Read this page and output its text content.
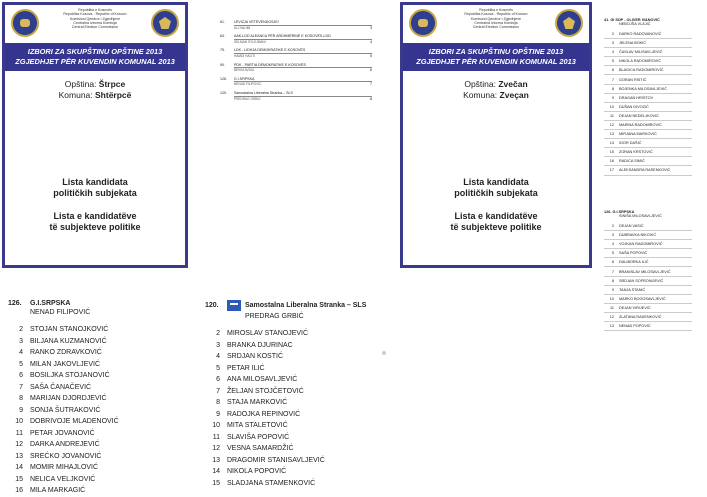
Republika e Kosovës
Republika Kosova - Republic of Kosovo
Komisioni Qendror i Zgjedhjeve
Centralna Izborna Komisija
Central Election Commission
IZBORI ZA SKUPŠTINU OPŠTINE 2013
ZGJEDHJET PËR KUVENDIN KOMUNAL 2013
Opština: Štrpce
Komuna: Shtërpcë
Lista kandidata
političkih subjekata
Lista e kandidatëve
të subjekteve politike
61.	LËVIZJA VETËVENDOSJE!
ALI HALIMI	3
64.	AAK-LDD ALEANCA PËR ARDHMËRINË E KOSOVËS-LDD
SELMAN SYLEJMANI	4
75.	LDK - LIDHJA DEMOKRATIKE E KOSOVËS
HAMDI HALITI	5
90.	PDK - PARTIA DEMOKRATIKE E KOSOVËS
BEKIM AVDIU	6
126.	G.I.SRPSKA
NENAD FILIPOVIĆ	7
120.	Samostalna Liberalna Stranka – SLS
PREDRAG GRBIĆ	8
Republika e Kosovës
Republika Kosova - Republic of Kosovo
Komisioni Qendror i Zgjedhjeve
Centralna Izborna Komisija
Central Election Commission
IZBORI ZA SKUPŠTINU OPŠTINE 2013
ZGJEDHJET PËR KUVENDIN KOMUNAL 2013
Opština: Zvečan
Komuna: Zveçan
Lista kandidata
političkih subjekata
Lista e kandidatëve
të subjekteve politike
41. GI SDP - OLIVER IVANOVIĆ
NEBOJŠA VLAJIĆ
2	DARKO RADOVANOVIĆ
3	JELENA BOKIĆ
4	ČASLAV MILISAVLJEVIĆ
5	NIKOLA RADOMIROVIĆ
6	BLAGICA RADOMIROVIĆ
7	GORAN RISTIĆ
8	BOJENKA MILOSAVLJEVIĆ
9	DRAGAN HRISTOV
10	DUŠAN DIVOZIĆ
11	DEJAN NEDELJKOVIĆ
12	MARINA RADOMIROVIĆ
13	MIRJANA MARKOVIĆ
14	IGOR DAŠIĆ
15	ZORAN KRSTOVIĆ
16	RADICA SIMIĆ
17	ALEKSANDRA RASENKOVIĆ
126. G.I.SRPSKA
SINIŠA MILOSAVLJEVIĆ
2	DEJAN VASIĆ
3	DUBRAVKA NIKOVIĆ
4	VOJKAN RADOMIROVIĆ
5	SAŠA POPOVIĆ
6	DALIBORKA ILIĆ
7	BRANISLAV MILOSAVLJEVIĆ
8	SRDJAN SOFRONIJEVIĆ
9	TANJA STANIĆ
10	MARKO BOGOSAVLJEVIĆ
11	DEJAN VIRIJEVIĆ
12	ZLATANA RADENKOVIĆ
13	NENAD POPOVIĆ
126.	G.I.SRPSKA
NENAD FILIPOVIĆ
2	STOJAN STANOJKOVIĆ
3	BILJANA KUZMANOVIĆ
4	RANKO ZDRAVKOVIĆ
5	MILAN JAKOVLJEVIĆ
6	BOSILJKA STOJANOVIĆ
7	SAŠA ČANAČEVIĆ
8	MARIJAN DJORDJEVIĆ
9	SONJA ŠUTRAKOVIĆ
10	DOBRIVOJE MLADENOVIĆ
11	PETAR JOVANOVIĆ
12	DARKA ANDREJEVIĆ
13	SREĆKO JOVANOVIĆ
14	MOMIR MIHAJLOVIĆ
15	NELICA VELJKOVIĆ
16	MILA MARKAGIĆ
120.	Samostalna Liberalna Stranka – SLS
PREDRAG GRBIĆ
2	MIROSLAV STANOJEVIĆ
3	BRANKA DJURINAC
4	SRDJAN KOSTIĆ
5	PETAR ILIĆ
6	ANA MILOSAVLJEVIĆ
7	ŽELJAN STOJČETOVIĆ
8	STAJA MARKOVIĆ
9	RADOJKA REPINOVIĆ
10	MITA STALETOVIĆ
11	SLAVIŠA POPOVIĆ
12	VESNA SAMARDŽIĆ
13	DRAGOMIR STANISAVLJEVIĆ
14	NIKOLA POPOVIĆ
15	SLADJANA STAMENKOVIĆ
